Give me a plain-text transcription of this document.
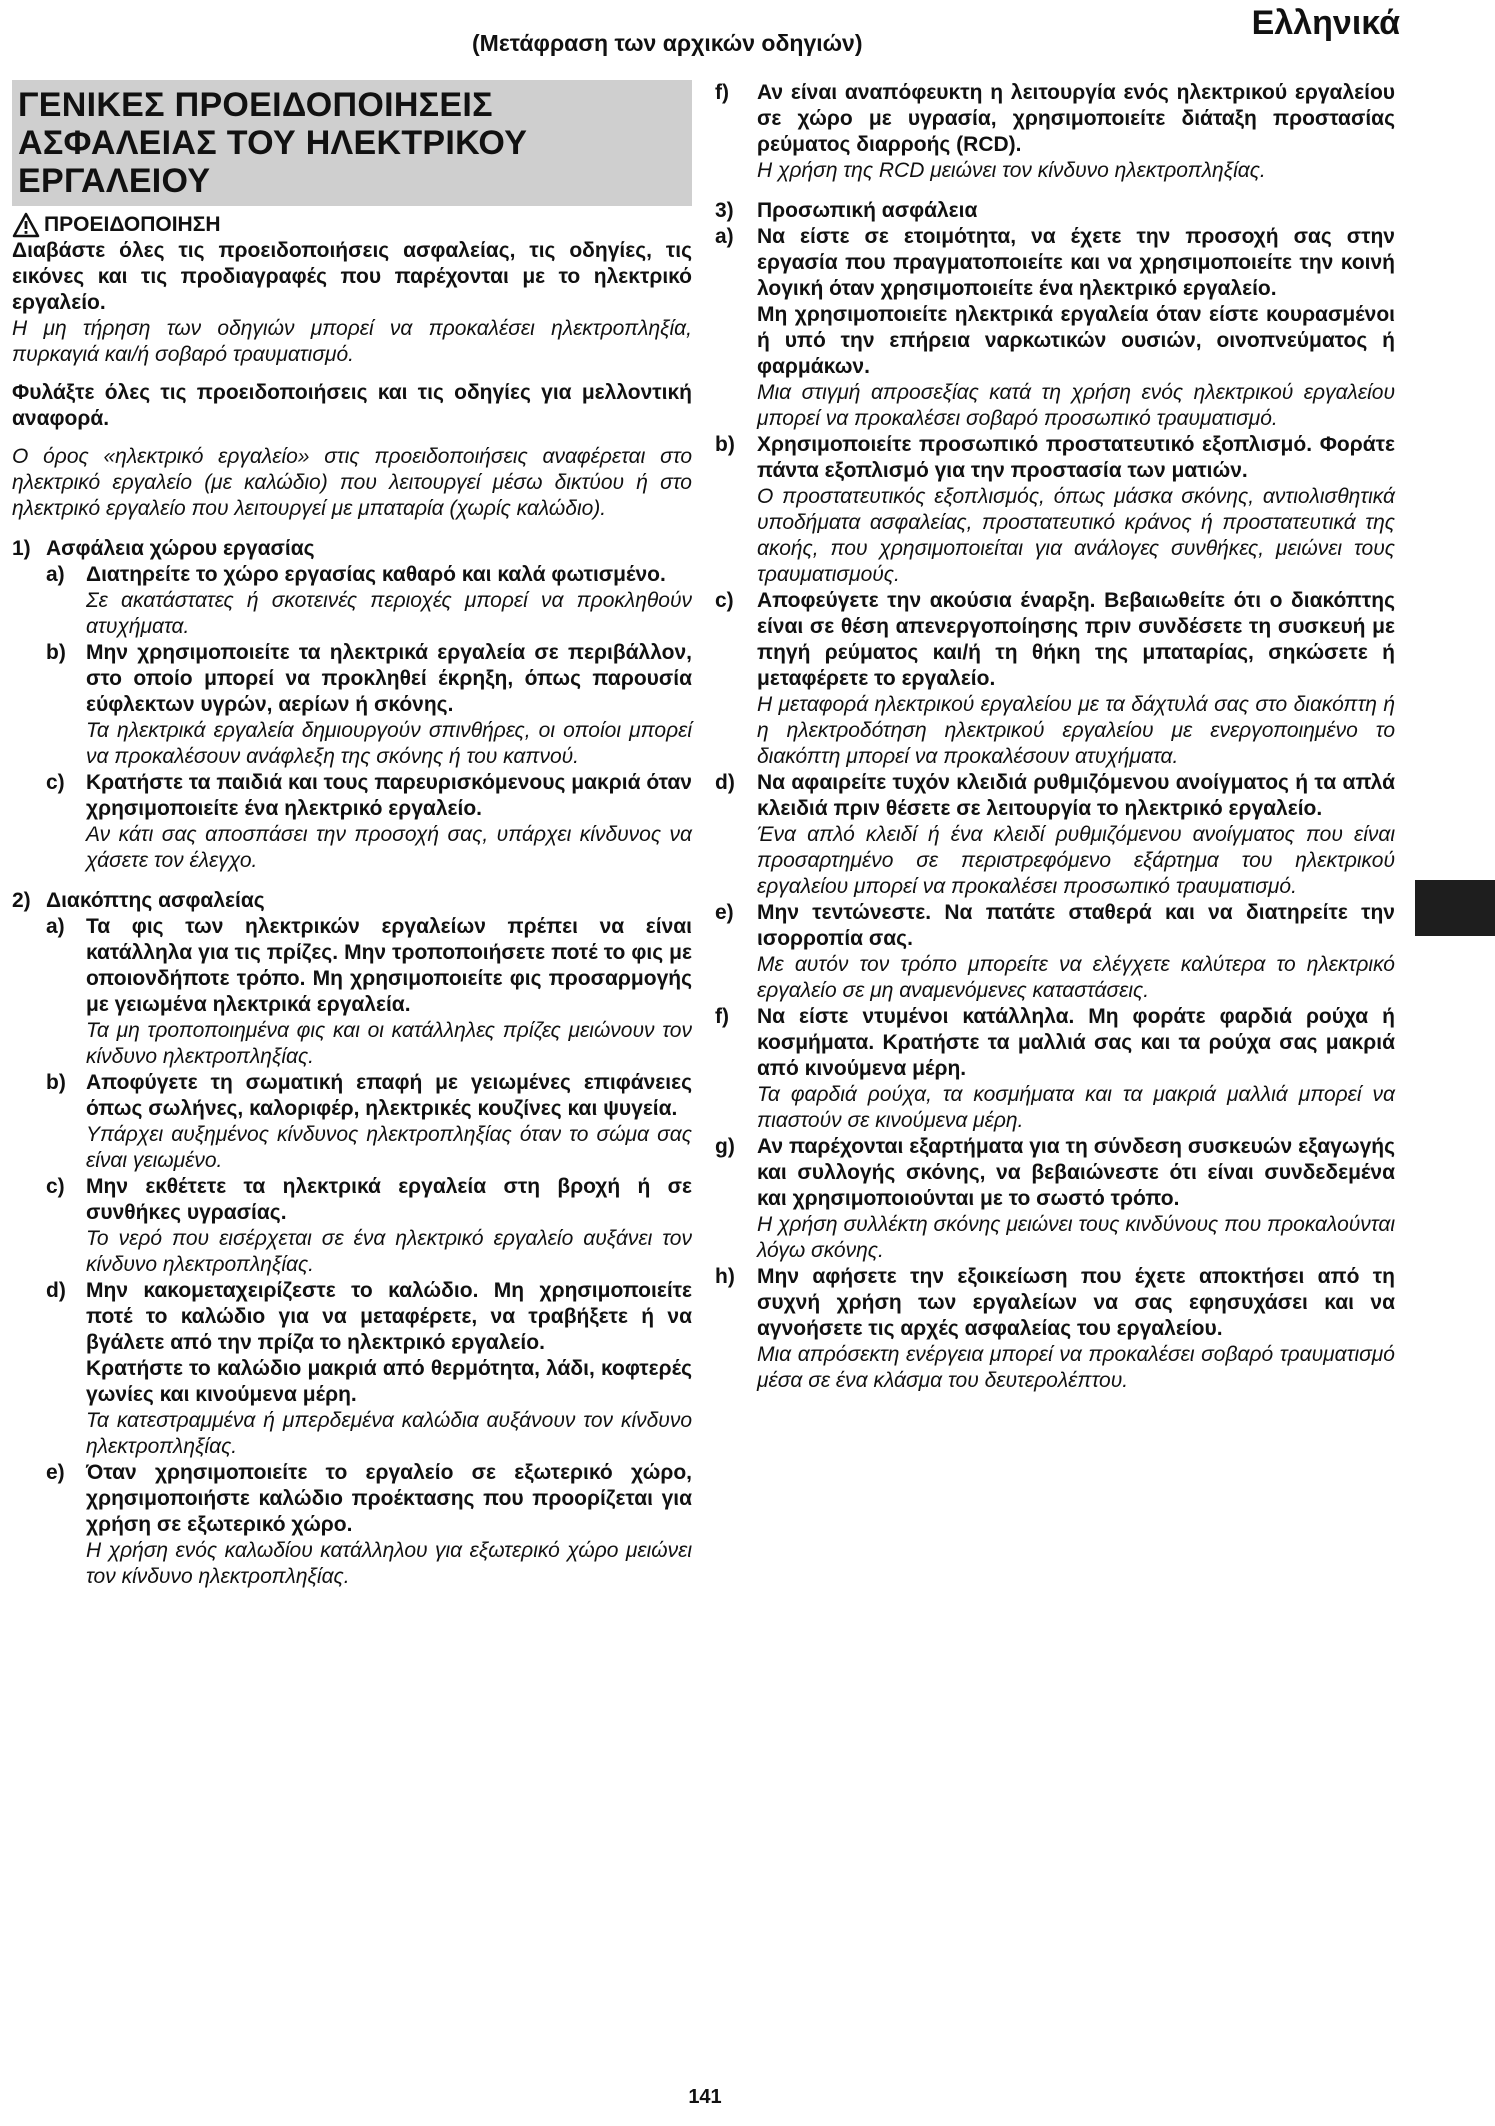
(Μετάφραση των αρχικών οδηγιών)
Ελληνικά
ΓΕΝΙΚΕΣ ΠΡΟΕΙΔΟΠΟΙΗΣΕΙΣ
ΑΣΦΑΛΕΙΑΣ ΤΟΥ ΗΛΕΚΤΡΙΚΟΥ
ΕΡΓΑΛΕΙΟΥ
ΠΡΟΕΙΔΟΠΟΙΗΣΗ
Διαβάστε όλες τις προειδοποιήσεις ασφαλείας, τις οδηγίες, τις εικόνες και τις προδιαγραφές που παρέχονται με το ηλεκτρικό εργαλείο.
Η μη τήρηση των οδηγιών μπορεί να προκαλέσει ηλεκτροπληξία, πυρκαγιά και/ή σοβαρό τραυματισμό.
Φυλάξτε όλες τις προειδοποιήσεις και τις οδηγίες για μελλοντική αναφορά.
Ο όρος «ηλεκτρικό εργαλείο» στις προειδοποιήσεις αναφέρεται στο ηλεκτρικό εργαλείο (με καλώδιο) που λειτουργεί μέσω δικτύου ή στο ηλεκτρικό εργαλείο που λειτουργεί με μπαταρία (χωρίς καλώδιο).
1) Ασφάλεια χώρου εργασίας
a)	Διατηρείτε το χώρο εργασίας καθαρό και καλά φωτισμένο.
Σε ακατάστατες ή σκοτεινές περιοχές μπορεί να προκληθούν ατυχήματα.
b) Μην χρησιμοποιείτε τα ηλεκτρικά εργαλεία σε περιβάλλον, στο οποίο μπορεί να προκληθεί έκρηξη, όπως παρουσία εύφλεκτων υγρών, αερίων ή σκόνης.
Τα ηλεκτρικά εργαλεία δημιουργούν σπινθήρες, οι οποίοι μπορεί να προκαλέσουν ανάφλεξη της σκόνης ή του καπνού.
c)	Κρατήστε τα παιδιά και τους παρευρισκόμενους μακριά όταν χρησιμοποιείτε ένα ηλεκτρικό εργαλείο.
Αν κάτι σας αποσπάσει την προσοχή σας, υπάρχει κίνδυνος να χάσετε τον έλεγχο.
2) Διακόπτης ασφαλείας
a)	Τα φις των ηλεκτρικών εργαλείων πρέπει να είναι κατάλληλα για τις πρίζες. Μην τροποποιήσετε ποτέ το φις με οποιονδήποτε τρόπο. Μη χρησιμοποιείτε φις προσαρμογής με γειωμένα ηλεκτρικά εργαλεία.
Τα μη τροποποιημένα φις και οι κατάλληλες πρίζες μειώνουν τον κίνδυνο ηλεκτροπληξίας.
b) Αποφύγετε τη σωματική επαφή με γειωμένες επιφάνειες όπως σωλήνες, καλοριφέρ, ηλεκτρικές κουζίνες και ψυγεία.
Υπάρχει αυξημένος κίνδυνος ηλεκτροπληξίας όταν το σώμα σας είναι γειωμένο.
c)	Μην εκθέτετε τα ηλεκτρικά εργαλεία στη βροχή ή σε συνθήκες υγρασίας.
Το νερό που εισέρχεται σε ένα ηλεκτρικό εργαλείο αυξάνει τον κίνδυνο ηλεκτροπληξίας.
d) Μην κακομεταχειρίζεστε το καλώδιο. Μη χρησιμοποιείτε ποτέ το καλώδιο για να μεταφέρετε, να τραβήξετε ή να βγάλετε από την πρίζα το ηλεκτρικό εργαλείο.
Κρατήστε το καλώδιο μακριά από θερμότητα, λάδι, κοφτερές γωνίες και κινούμενα μέρη.
Τα κατεστραμμένα ή μπερδεμένα καλώδια αυξάνουν τον κίνδυνο ηλεκτροπληξίας.
e)	Όταν χρησιμοποιείτε το εργαλείο σε εξωτερικό χώρο, χρησιμοποιήστε καλώδιο προέκτασης που προορίζεται για χρήση σε εξωτερικό χώρο.
Η χρήση ενός καλωδίου κατάλληλου για εξωτερικό χώρο μειώνει τον κίνδυνο ηλεκτροπληξίας.
f)	Αν είναι αναπόφευκτη η λειτουργία ενός ηλεκτρικού εργαλείου σε χώρο με υγρασία, χρησιμοποιείτε διάταξη προστασίας ρεύματος διαρροής (RCD).
Η χρήση της RCD μειώνει τον κίνδυνο ηλεκτροπληξίας.
3)	Προσωπική ασφάλεια
a)	Να είστε σε ετοιμότητα, να έχετε την προσοχή σας στην εργασία που πραγματοποιείτε και να χρησιμοποιείτε την κοινή λογική όταν χρησιμοποιείτε ένα ηλεκτρικό εργαλείο.
Μη χρησιμοποιείτε ηλεκτρικά εργαλεία όταν είστε κουρασμένοι ή υπό την επήρεια ναρκωτικών ουσιών, οινοπνεύματος ή φαρμάκων.
Μια στιγμή απροσεξίας κατά τη χρήση ενός ηλεκτρικού εργαλείου μπορεί να προκαλέσει σοβαρό προσωπικό τραυματισμό.
b)	Χρησιμοποιείτε προσωπικό προστατευτικό εξοπλισμό. Φοράτε πάντα εξοπλισμό για την προστασία των ματιών.
Ο προστατευτικός εξοπλισμός, όπως μάσκα σκόνης, αντιολισθητικά υποδήματα ασφαλείας, προστατευτικό κράνος ή προστατευτικά της ακοής, που χρησιμοποιείται για ανάλογες συνθήκες, μειώνει τους τραυματισμούς.
c)	Αποφεύγετε την ακούσια έναρξη. Βεβαιωθείτε ότι ο διακόπτης είναι σε θέση απενεργοποίησης πριν συνδέσετε τη συσκευή με πηγή ρεύματος και/ή τη θήκη της μπαταρίας, σηκώσετε ή μεταφέρετε το εργαλείο.
Η μεταφορά ηλεκτρικού εργαλείου με τα δάχτυλά σας στο διακόπτη ή η ηλεκτροδότηση ηλεκτρικού εργαλείου με ενεργοποιημένο το διακόπτη μπορεί να προκαλέσουν ατυχήματα.
d)	Να αφαιρείτε τυχόν κλειδιά ρυθμιζόμενου ανοίγματος ή τα απλά κλειδιά πριν θέσετε σε λειτουργία το ηλεκτρικό εργαλείο.
Ένα απλό κλειδί ή ένα κλειδί ρυθμιζόμενου ανοίγματος που είναι προσαρτημένο σε περιστρεφόμενο εξάρτημα του ηλεκτρικού εργαλείου μπορεί να προκαλέσει προσωπικό τραυματισμό.
e)	Μην τεντώνεστε. Να πατάτε σταθερά και να διατηρείτε την ισορροπία σας.
Με αυτόν τον τρόπο μπορείτε να ελέγχετε καλύτερα το ηλεκτρικό εργαλείο σε μη αναμενόμενες καταστάσεις.
f)	Να είστε ντυμένοι κατάλληλα. Μη φοράτε φαρδιά ρούχα ή κοσμήματα. Κρατήστε τα μαλλιά σας και τα ρούχα σας μακριά από κινούμενα μέρη.
Τα φαρδιά ρούχα, τα κοσμήματα και τα μακριά μαλλιά μπορεί να πιαστούν σε κινούμενα μέρη.
g)	Αν παρέχονται εξαρτήματα για τη σύνδεση συσκευών εξαγωγής και συλλογής σκόνης, να βεβαιώνεστε ότι είναι συνδεδεμένα και χρησιμοποιούνται με το σωστό τρόπο.
Η χρήση συλλέκτη σκόνης μειώνει τους κινδύνους που προκαλούνται λόγω σκόνης.
h)	Μην αφήσετε την εξοικείωση που έχετε αποκτήσει από τη συχνή χρήση των εργαλείων να σας εφησυχάσει και να αγνοήσετε τις αρχές ασφαλείας του εργαλείου.
Μια απρόσεκτη ενέργεια μπορεί να προκαλέσει σοβαρό τραυματισμό μέσα σε ένα κλάσμα του δευτερολέπτου.
141
